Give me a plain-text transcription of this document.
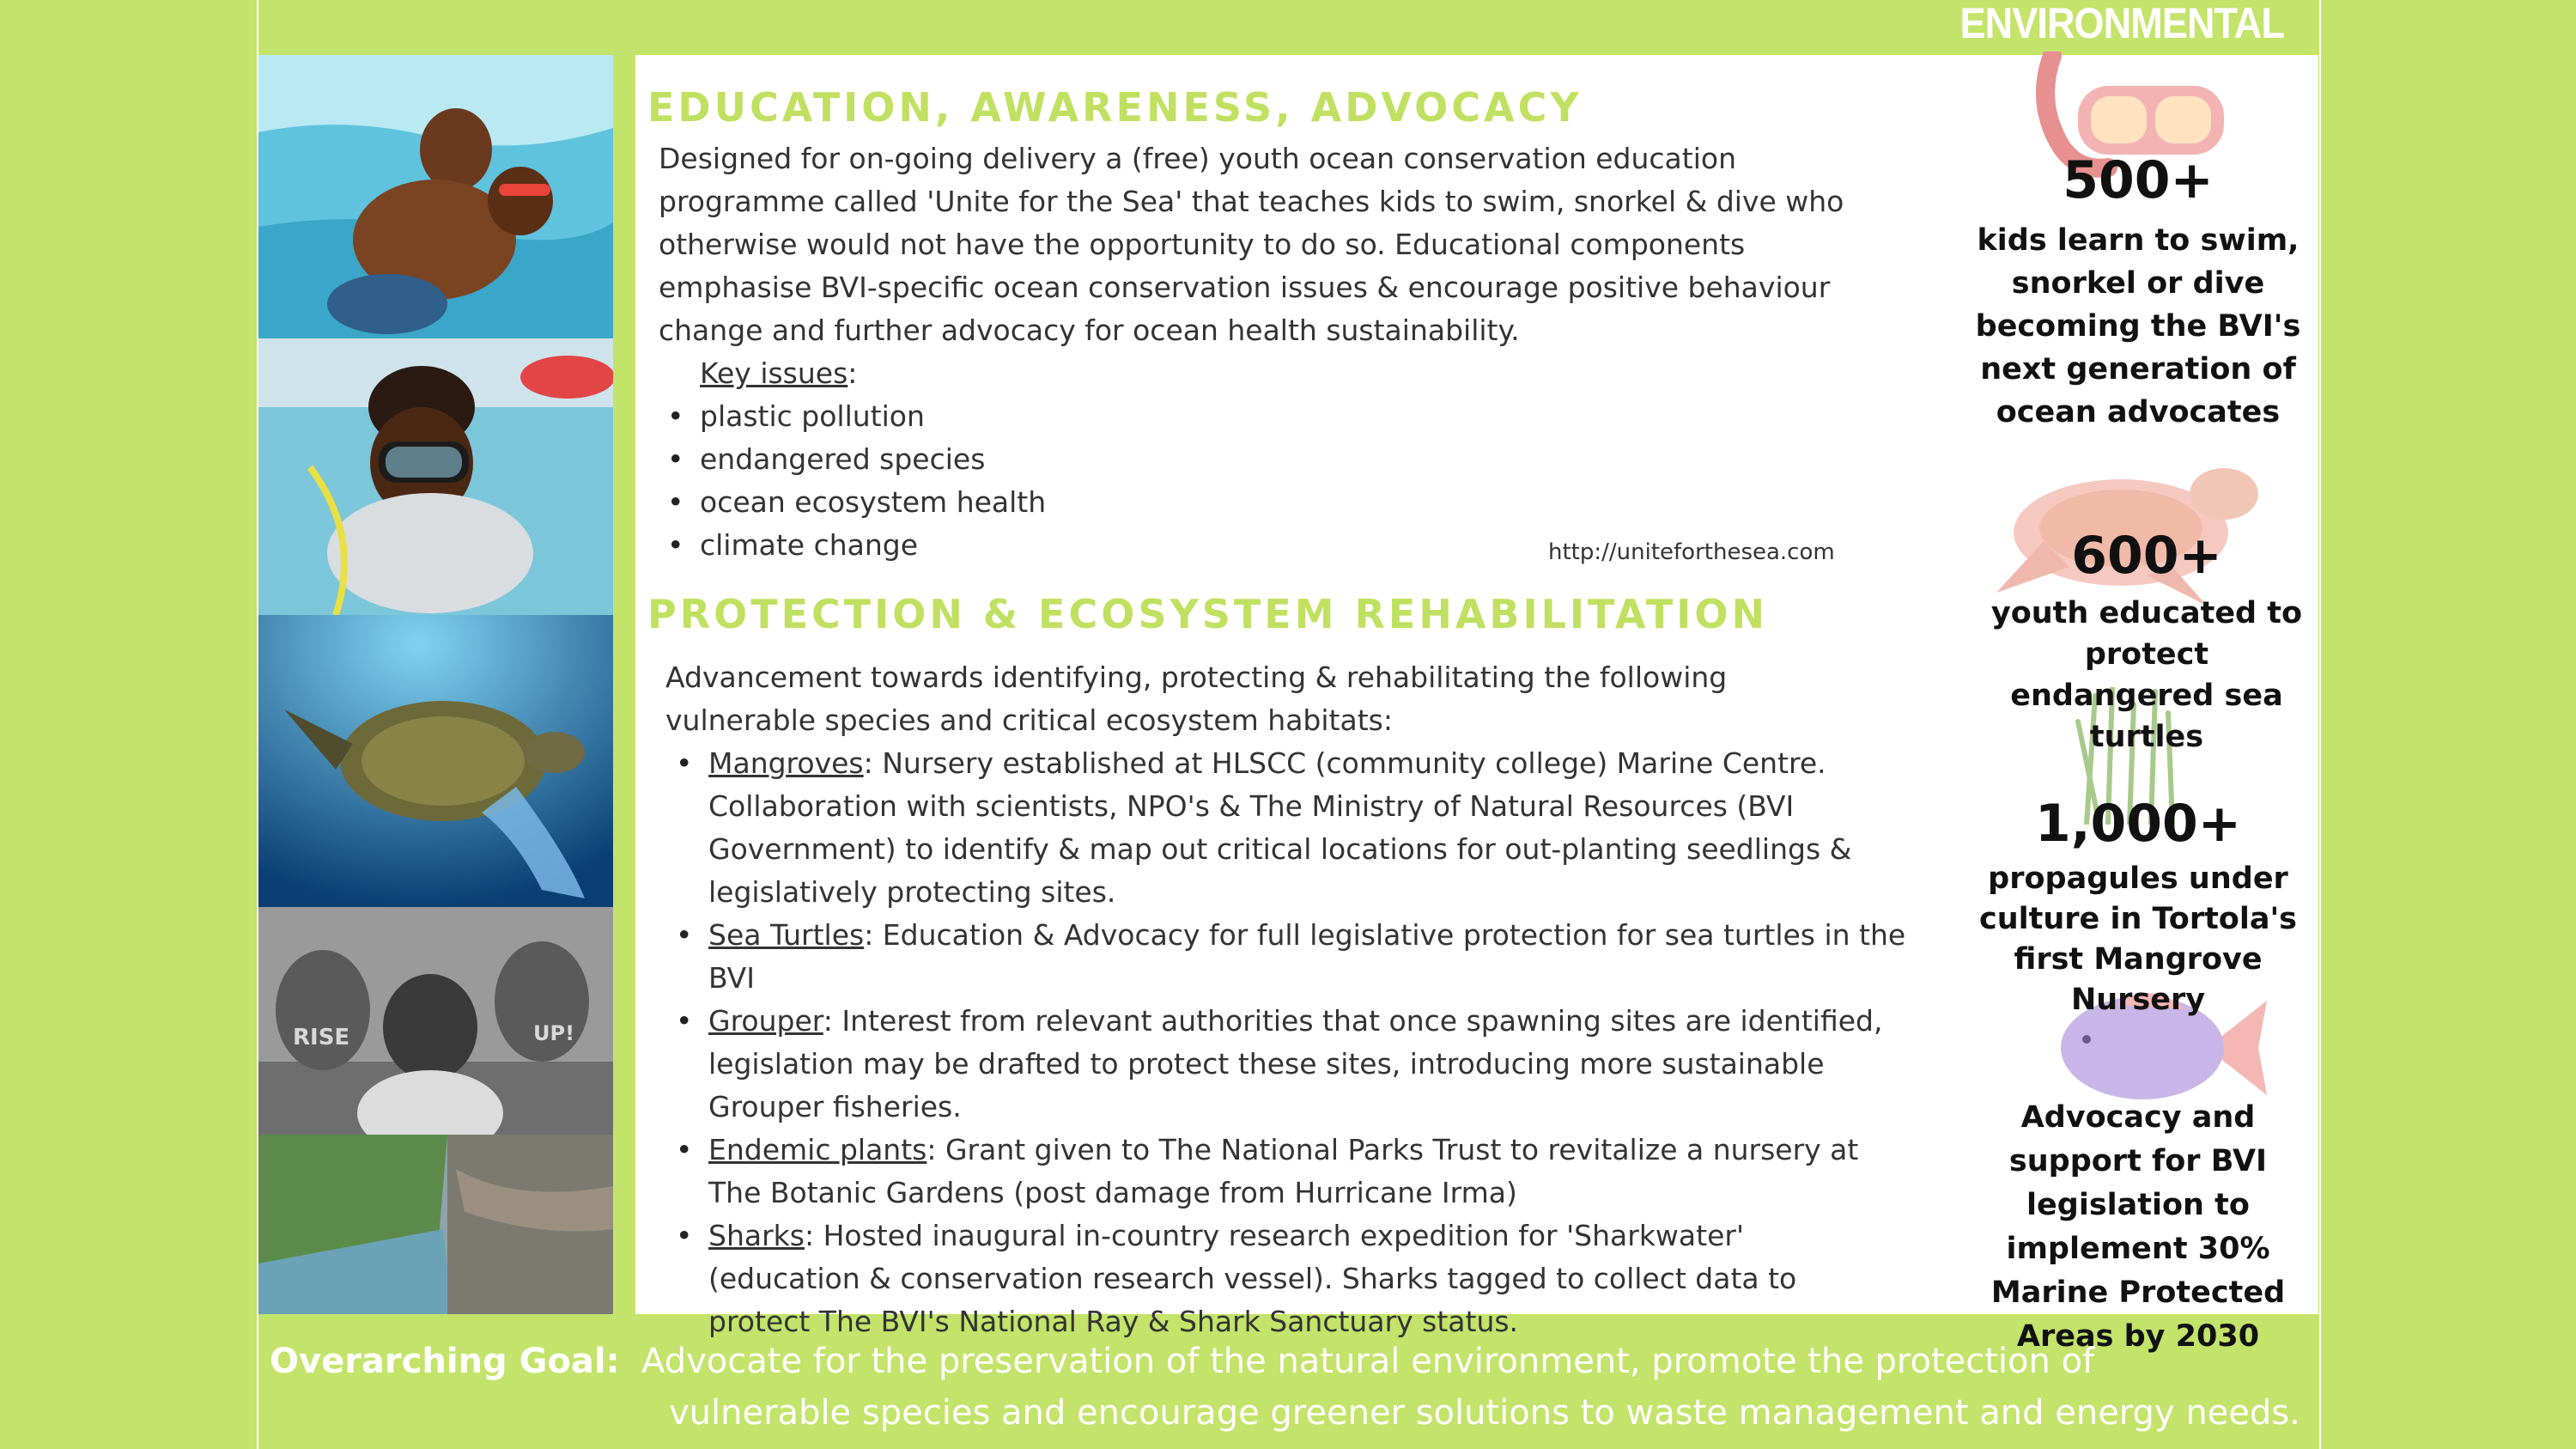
ENVIRONMENTAL
RISE	UP!
EDUCATION, AWARENESS, ADVOCACY

Designed for on-going delivery a (free) youth ocean conservation education programme called 'Unite for the Sea' that teaches kids to swim, snorkel & dive who otherwise would not have the opportunity to do so. Educational components emphasise BVI-specific ocean conservation issues & encourage positive behaviour change and further advocacy for ocean health sustainability.

Key issues:

• plastic pollution
• endangered species
• ocean ecosystem health
• climate change	http://uniteforthesea.com
PROTECTION & ECOSYSTEM REHABILITATION

Advancement towards identifying, protecting & rehabilitating the following vulnerable species and critical ecosystem habitats:

• Mangroves: Nursery established at HLSCC (community college) Marine Centre. Collaboration with scientists, NPO's & The Ministry of Natural Resources (BVI Government) to identify & map out critical locations for out-planting seedlings & legislatively protecting sites.
• Sea Turtles: Education & Advocacy for full legislative protection for sea turtles in the BVI
• Grouper: Interest from relevant authorities that once spawning sites are identified, legislation may be drafted to protect these sites, introducing more sustainable Grouper fisheries.
• Endemic plants: Grant given to The National Parks Trust to revitalize a nursery at The Botanic Gardens (post damage from Hurricane Irma)
• Sharks: Hosted inaugural in-country research expedition for 'Sharkwater' (education & conservation research vessel). Sharks tagged to collect data to protect The BVI's National Ray & Shark Sanctuary status.
500+
kids learn to swim, snorkel or dive becoming the BVI's next generation of ocean advocates
600+
youth educated to protect endangered sea turtles
1,000+
propagules under culture in Tortola's first Mangrove Nursery
Advocacy and support for BVI legislation to implement 30% Marine Protected Areas by 2030
Overarching Goal: Advocate for the preservation of the natural environment, promote the protection of
vulnerable species and encourage greener solutions to waste management and energy needs.
